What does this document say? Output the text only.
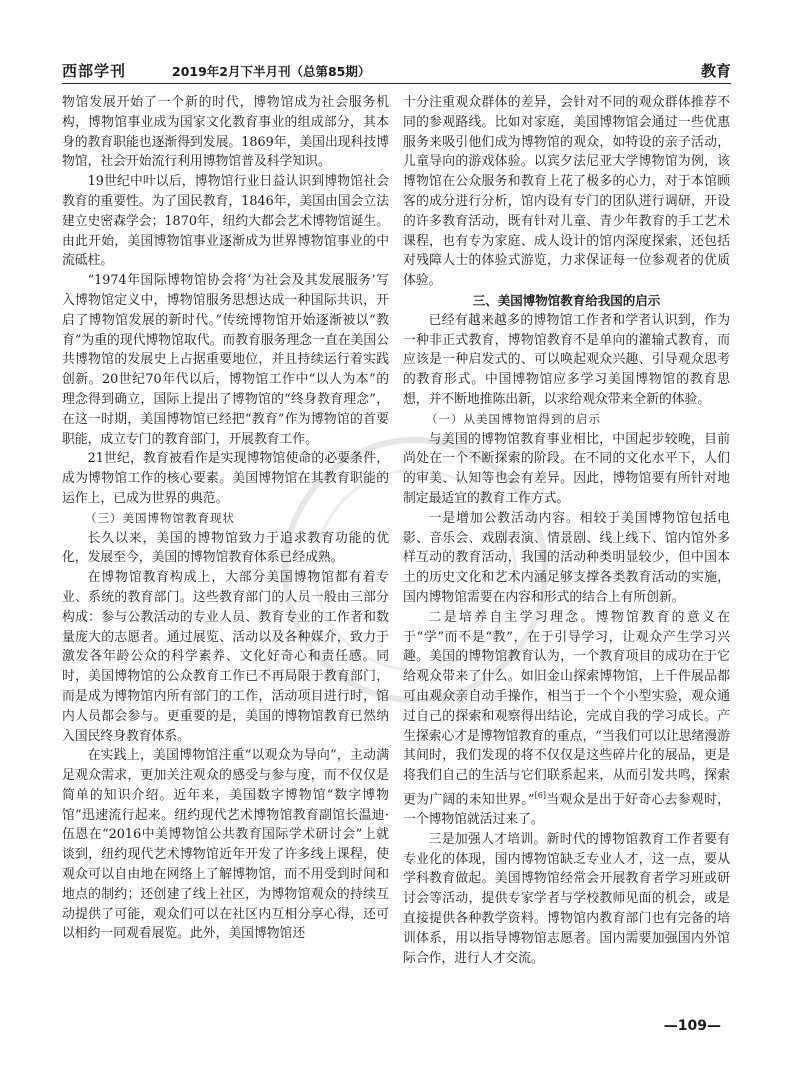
西部学刊	2019年2月下半月刊（总第85期）	教育

物馆发展开始了一个新的时代，博物馆成为社会服务机构，博物馆事业成为国家文化教育事业的组成部分，其本身的教育职能也逐渐得到发展。1869年，美国出现科技博物馆，社会开始流行利用博物馆普及科学知识。

19世纪中叶以后，博物馆行业日益认识到博物馆社会教育的重要性。为了国民教育，1846年，美国由国会立法建立史密森学会；1870年，纽约大都会艺术博物馆诞生。由此开始，美国博物馆事业逐渐成为世界博物馆事业的中流砥柱。

“1974年国际博物馆协会将‘为社会及其发展服务’写入博物馆定义中，博物馆服务思想达成一种国际共识，开启了博物馆发展的新时代。”传统博物馆开始逐渐被以“教育”为重的现代博物馆取代。而教育服务理念一直在美国公共博物馆的发展史上占据重要地位，并且持续运行着实践创新。20世纪70年代以后，博物馆工作中“以人为本”的理念得到确立，国际上提出了博物馆的“终身教育理念”，在这一时期，美国博物馆已经把“教育”作为博物馆的首要职能，成立专门的教育部门，开展教育工作。

21世纪，教育被看作是实现博物馆使命的必要条件，成为博物馆工作的核心要素。美国博物馆在其教育职能的运作上，已成为世界的典范。

（三）美国博物馆教育现状

长久以来，美国的博物馆致力于追求教育功能的优化，发展至今，美国的博物馆教育体系已经成熟。

在博物馆教育构成上，大部分美国博物馆都有着专业、系统的教育部门。这些教育部门的人员一般由三部分构成：参与公教活动的专业人员、教育专业的工作者和数量庞大的志愿者。通过展览、活动以及各种媒介，致力于激发各年龄公众的科学素养、文化好奇心和责任感。同时，美国博物馆的公众教育工作已不再局限于教育部门，而是成为博物馆内所有部门的工作，活动项目进行时，馆内人员都会参与。更重要的是，美国的博物馆教育已然纳入国民终身教育体系。

在实践上，美国博物馆注重“以观众为导向”，主动满足观众需求，更加关注观众的感受与参与度，而不仅仅是简单的知识介绍。近年来，美国数字博物馆“数字博物馆”迅速流行起来。纽约现代艺术博物馆教育副馆长温迪·伍恩在“2016中美博物馆公共教育国际学术研讨会”上就谈到，纽约现代艺术博物馆近年开发了许多线上课程，使观众可以自由地在网络上了解博物馆，而不用受到时间和地点的制约；还创建了线上社区，为博物馆观众的持续互动提供了可能，观众们可以在社区内互相分享心得，还可以相约一同观看展览。此外，美国博物馆还

十分注重观众群体的差异，会针对不同的观众群体推荐不同的参观路线。比如对家庭，美国博物馆会通过一些优惠服务来吸引他们成为博物馆的观众，如特设的亲子活动，儿童导向的游戏体验。以宾夕法尼亚大学博物馆为例，该博物馆在公众服务和教育上花了极多的心力，对于本馆顾客的成分进行分析，馆内设有专门的团队进行调研，开设的许多教育活动，既有针对儿童、青少年教育的手工艺术课程，也有专为家庭、成人设计的馆内深度探索，还包括对残障人士的体验式游览，力求保证每一位参观者的优质体验。

三、美国博物馆教育给我国的启示

已经有越来越多的博物馆工作者和学者认识到，作为一种非正式教育，博物馆教育不是单向的灌输式教育，而应该是一种启发式的、可以唤起观众兴趣、引导观众思考的教育形式。中国博物馆应多学习美国博物馆的教育思想，并不断地推陈出新，以求给观众带来全新的体验。

（一）从美国博物馆得到的启示

与美国的博物馆教育事业相比，中国起步较晚，目前尚处在一个不断探索的阶段。在不同的文化水平下，人们的审美、认知等也会有差异。因此，博物馆要有所针对地制定最适宜的教育工作方式。

一是增加公教活动内容。相较于美国博物馆包括电影、音乐会、戏剧表演、情景剧、线上线下、馆内馆外多样互动的教育活动，我国的活动种类明显较少，但中国本土的历史文化和艺术内涵足够支撑各类教育活动的实施，国内博物馆需要在内容和形式的结合上有所创新。

二是培养自主学习理念。博物馆教育的意义在于“学”而不是“教”，在于引导学习，让观众产生学习兴趣。美国的博物馆教育认为，一个教育项目的成功在于它给观众带来了什么。如旧金山探索博物馆，上千件展品都可由观众亲自动手操作，相当于一个个小型实验，观众通过自己的探索和观察得出结论，完成自我的学习成长。产生探索心才是博物馆教育的重点，“当我们可以让思绪漫游其间时，我们发现的将不仅仅是这些碎片化的展品，更是将我们自己的生活与它们联系起来，从而引发共鸣，探索更为广阔的未知世界。”[6]当观众是出于好奇心去参观时，一个博物馆就活过来了。

三是加强人才培训。新时代的博物馆教育工作者要有专业化的体现，国内博物馆缺乏专业人才，这一点，要从学科教育做起。美国博物馆经常会开展教育者学习班或研讨会等活动，提供专家学者与学校教师见面的机会，或是直接提供各种教学资料。博物馆内教育部门也有完备的培训体系，用以指导博物馆志愿者。国内需要加强国内外馆际合作，进行人才交流。

—109—
